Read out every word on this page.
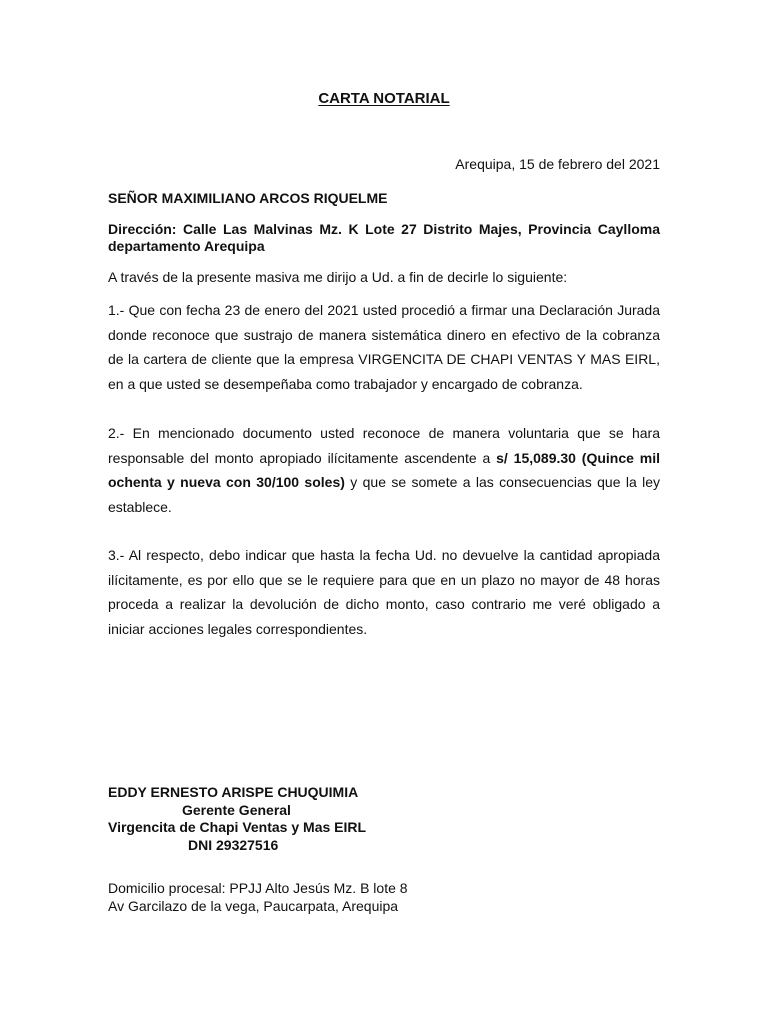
CARTA NOTARIAL
Arequipa, 15 de febrero del 2021
SEÑOR MAXIMILIANO ARCOS RIQUELME
Dirección: Calle Las Malvinas Mz. K Lote 27 Distrito Majes, Provincia Caylloma departamento Arequipa
A través de la presente masiva me dirijo a Ud. a fin de decirle lo siguiente:
1.- Que con fecha 23 de enero del 2021 usted procedió a firmar una Declaración Jurada donde reconoce que sustrajo de manera sistemática dinero en efectivo de la cobranza de la cartera de cliente que la empresa VIRGENCITA DE CHAPI VENTAS Y MAS EIRL, en a que usted se desempeñaba como trabajador y encargado de cobranza.
2.- En mencionado documento usted reconoce de manera voluntaria que se hara responsable del monto apropiado ilícitamente ascendente a s/ 15,089.30 (Quince mil ochenta y nueva con 30/100 soles) y que se somete a las consecuencias que la ley establece.
3.- Al respecto, debo indicar que hasta la fecha Ud. no devuelve la cantidad apropiada ilícitamente, es por ello que se le requiere para que en un plazo no mayor de 48 horas proceda a realizar la devolución de dicho monto, caso contrario me veré obligado a iniciar acciones legales correspondientes.
EDDY ERNESTO ARISPE CHUQUIMIA
Gerente General
Virgencita de Chapi Ventas y Mas EIRL
DNI 29327516
Domicilio procesal: PPJJ Alto Jesús Mz. B lote 8
Av Garcilazo de la vega, Paucarpata, Arequipa
